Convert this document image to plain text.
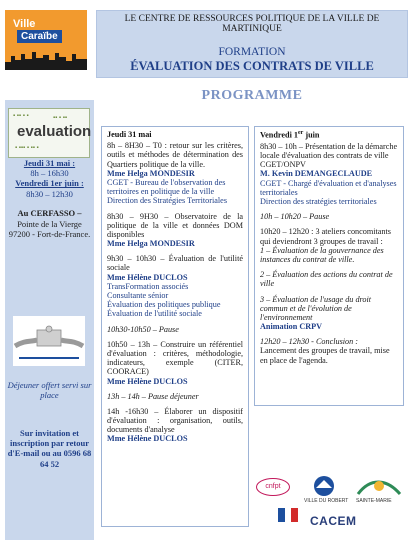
Ville
Caraïbe
LE CENTRE DE RESSOURCES POLITIQUE DE LA VILLE DE MARTINIQUE
FORMATION
ÉVALUATION DES CONTRATS DE VILLE
▪ ▪▪ ▪ ▪	▪▪ ▪ ▪▪
evaluation
▪ ▪▪▪ ▪ ▪▪ ▪
Jeudi 31 mai :
8h – 16h30
Vendredi 1er juin :
8h30 – 12h30
Au CERFASSO –
Pointe de la Vierge 97200 - Fort-de-France.
Déjeuner offert servi sur place
Sur invitation et inscription par retour d'E-mail ou au 0596 68 64 52
PROGRAMME
Jeudi 31 mai
8h – 8H30 – T0 : retour sur les critères, outils et méthodes de détermination des Quartiers politique de la ville.
Mme Helga MONDESIR
CGET - Bureau de l'observation des territoires en politique de la ville
Direction des Stratégies Territoriales
8h30 – 9H30 – Observatoire de la politique de la ville et données DOM disponibles
Mme Helga MONDESIR
9h30 – 10h30 – Évaluation de l'utilité sociale
Mme Hélène DUCLOS
TransFormation associés
Consultante sénior
Évaluation des politiques publique
Évaluation de l'utilité sociale
10h30-10h50 – Pause
10h50 – 13h – Construire un référentiel d'évaluation : critères, méthodologie, indicateurs, exemple (CITER, COORACE)
Mme Hélène DUCLOS
13h – 14h – Pause déjeuner
14h -16h30 – Élaborer un dispositif d'évaluation : organisation, outils, documents d'analyse
Mme Hélène DUCLOS
Vendredi 1er juin
8h30 – 10h – Présentation de la démarche locale d'évaluation des contrats de ville CGET/ONPV
M. Kevin DEMANGECLAUDE
CGET - Chargé d'évaluation et d'analyses territoriales
Direction des stratégies territoriales
10h – 10h20 – Pause
10h20 – 12h20 : 3 ateliers concomitants qui deviendront 3 groupes de travail :
1 – Évaluation de la gouvernance des instances du contrat de ville.
2 – Évaluation des actions du contrat de ville
3 – Évaluation de l'usage du droit commun et de l'évolution de l'environnement
Animation CRPV
12h20 – 12h30 - Conclusion :
Lancement des groupes de travail, mise en place de l'agenda.
cnfpt
VILLE DU ROBERT SAINTE-MARIE
CACEM
